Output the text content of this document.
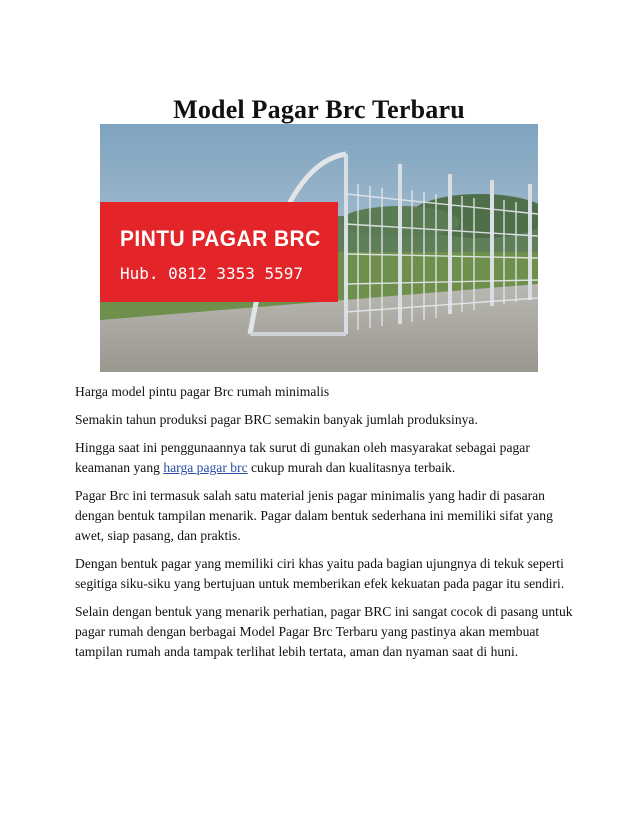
Model Pagar Brc Terbaru
PINTU PAGAR BRC
Hub. 0812 3353 5597

Harga model pintu pagar Brc rumah minimalis

Semakin tahun produksi pagar BRC semakin banyak jumlah produksinya.

Hingga saat ini penggunaannya tak surut di gunakan oleh masyarakat sebagai pagar keamanan yang harga pagar brc cukup murah dan kualitasnya terbaik.

Pagar Brc ini termasuk salah satu material jenis pagar minimalis yang hadir di pasaran dengan bentuk tampilan menarik. Pagar dalam bentuk sederhana ini memiliki sifat yang awet, siap pasang, dan praktis.

Dengan bentuk pagar yang memiliki ciri khas yaitu pada bagian ujungnya di tekuk seperti segitiga siku-siku yang bertujuan untuk memberikan efek kekuatan pada pagar itu sendiri.

Selain dengan bentuk yang menarik perhatian, pagar BRC ini sangat cocok di pasang untuk pagar rumah dengan berbagai Model Pagar Brc Terbaru yang pastinya akan membuat tampilan rumah anda tampak terlihat lebih tertata, aman dan nyaman saat di huni.
